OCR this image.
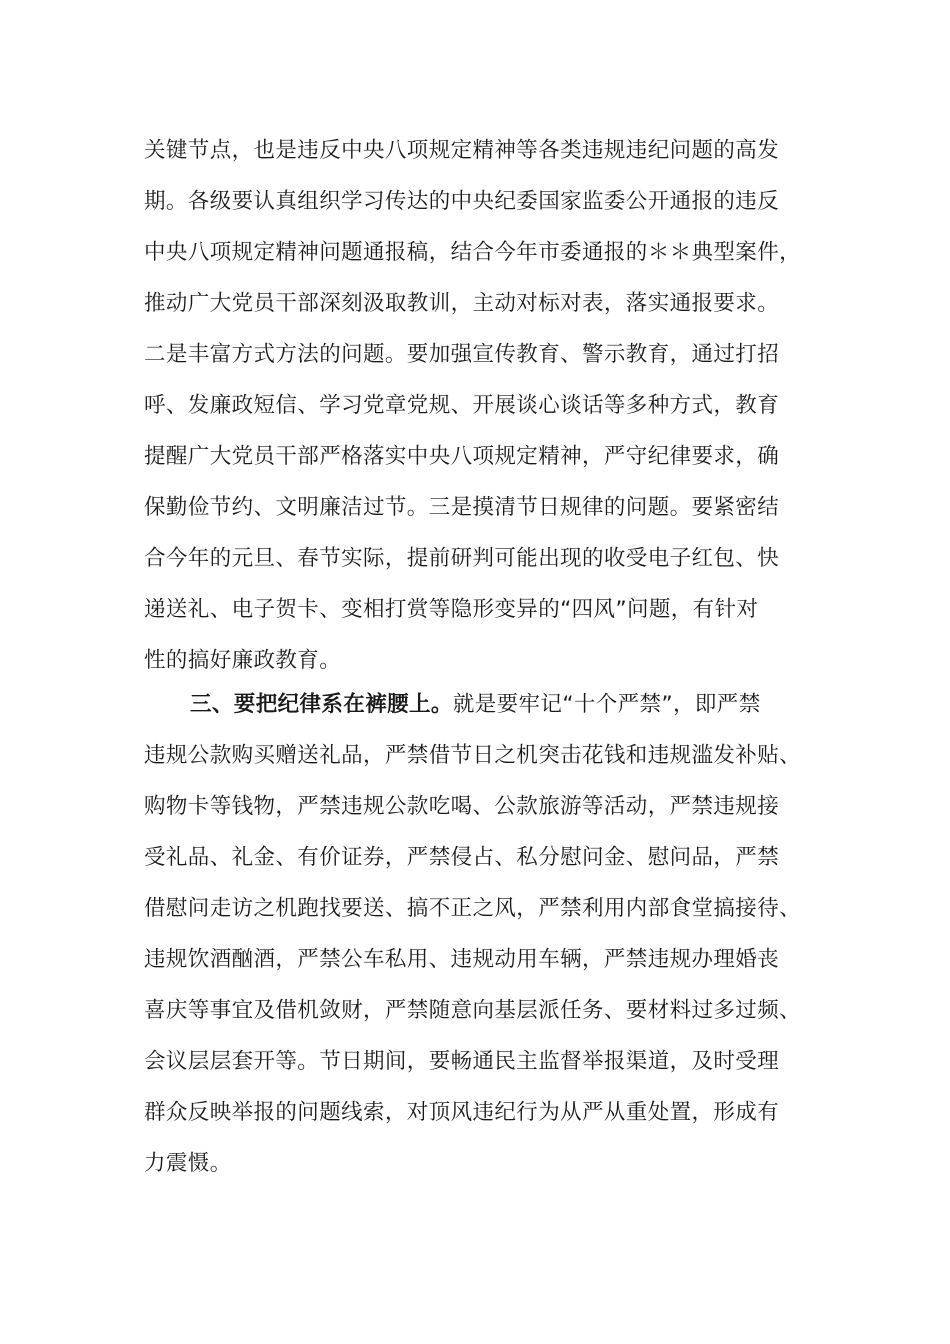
关键节点，也是违反中央八项规定精神等各类违规违纪问题的高发
期。各级要认真组织学习传达的中央纪委国家监委公开通报的违反
中央八项规定精神问题通报稿，结合今年市委通报的＊＊典型案件，
推动广大党员干部深刻汲取教训，主动对标对表，落实通报要求。
二是丰富方式方法的问题。要加强宣传教育、警示教育，通过打招
呼、发廉政短信、学习党章党规、开展谈心谈话等多种方式，教育
提醒广大党员干部严格落实中央八项规定精神，严守纪律要求，确
保勤俭节约、文明廉洁过节。三是摸清节日规律的问题。要紧密结
合今年的元旦、春节实际，提前研判可能出现的收受电子红包、快
递送礼、电子贺卡、变相打赏等隐形变异的“四风”问题，有针对
性的搞好廉政教育。
三、要把纪律系在裤腰上。就是要牢记“十个严禁”，即严禁
违规公款购买赠送礼品，严禁借节日之机突击花钱和违规滥发补贴、
购物卡等钱物，严禁违规公款吃喝、公款旅游等活动，严禁违规接
受礼品、礼金、有价证券，严禁侵占、私分慰问金、慰问品，严禁
借慰问走访之机跑找要送、搞不正之风，严禁利用内部食堂搞接待、
违规饮酒酗酒，严禁公车私用、违规动用车辆，严禁违规办理婚丧
喜庆等事宜及借机敛财，严禁随意向基层派任务、要材料过多过频、
会议层层套开等。节日期间，要畅通民主监督举报渠道，及时受理
群众反映举报的问题线索，对顶风违纪行为从严从重处置，形成有
力震慑。
